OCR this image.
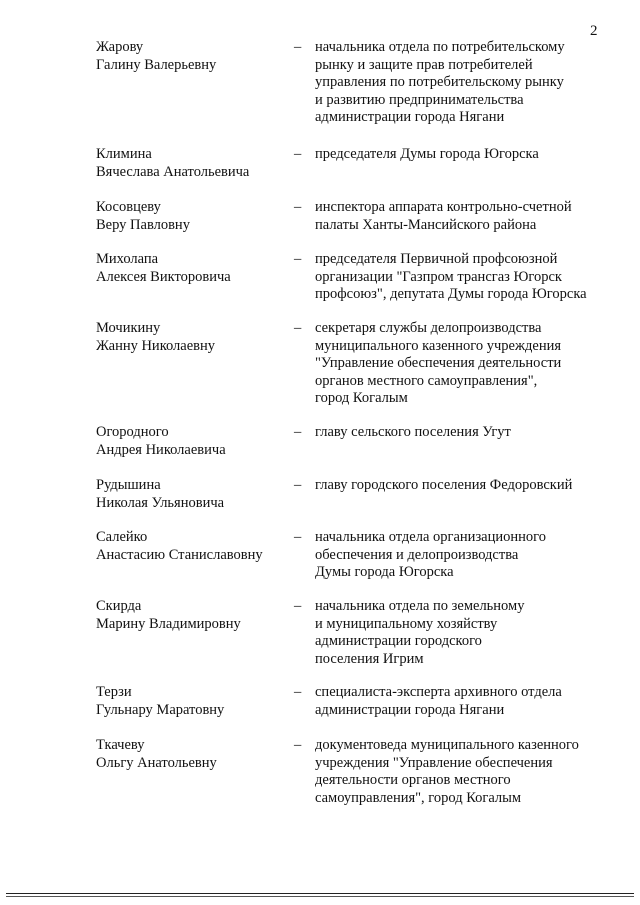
2
Жарову
Галину Валерьевну
– начальника отдела по потребительскому
рынку и защите прав потребителей
управления по потребительскому рынку
и развитию предпринимательства
администрации города Нягани
Климина
Вячеслава Анатольевича
– председателя Думы города Югорска
Косовцеву
Веру Павловну
– инспектора аппарата контрольно-счетной
палаты Ханты-Мансийского района
Михолапа
Алексея Викторовича
– председателя Первичной профсоюзной
организации "Газпром трансгаз Югорск
профсоюз", депутата Думы города Югорска
Мочикину
Жанну Николаевну
– секретаря службы делопроизводства
муниципального казенного учреждения
"Управление обеспечения деятельности
органов местного самоуправления",
город Когалым
Огородного
Андрея Николаевича
– главу сельского поселения Угут
Рудышина
Николая Ульяновича
– главу городского поселения Федоровский
Салейко
Анастасию Станиславовну
– начальника отдела организационного
обеспечения и делопроизводства
Думы города Югорска
Скирда
Марину Владимировну
– начальника отдела по земельному
и муниципальному хозяйству
администрации городского
поселения Игрим
Терзи
Гульнару Маратовну
– специалиста-эксперта архивного отдела
администрации города Нягани
Ткачеву
Ольгу Анатольевну
– документоведа муниципального казенного
учреждения "Управление обеспечения
деятельности органов местного
самоуправления", город Когалым
